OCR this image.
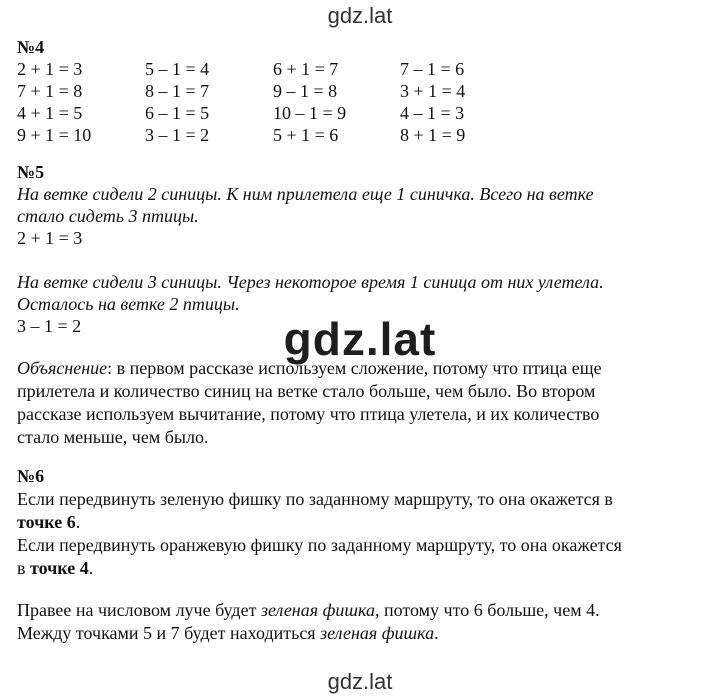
gdz.lat
№4
2 + 1 = 3	5 – 1 = 4	6 + 1 = 7	7 – 1 = 6
7 + 1 = 8	8 – 1 = 7	9 – 1 = 8	3 + 1 = 4
4 + 1 = 5	6 – 1 = 5	10 – 1 = 9	4 – 1 = 3
9 + 1 = 10	3 – 1 = 2	5 + 1 = 6	8 + 1 = 9
№5
На ветке сидели 2 синицы. К ним прилетела еще 1 синичка. Всего на ветке
стало сидеть 3 птицы.
2 + 1 = 3
На ветке сидели 3 синицы. Через некоторое время 1 синица от них улетела.
Осталось на ветке 2 птицы.
3 – 1 = 2
Объяснение: в первом рассказе используем сложение, потому что птица еще
прилетела и количество синиц на ветке стало больше, чем было. Во втором
рассказе используем вычитание, потому что птица улетела, и их количество
стало меньше, чем было.
№6
Если передвинуть зеленую фишку по заданному маршруту, то она окажется в
точке 6.
Если передвинуть оранжевую фишку по заданному маршруту, то она окажется
в точке 4.
Правее на числовом луче будет зеленая фишка, потому что 6 больше, чем 4.
Между точками 5 и 7 будет находиться зеленая фишка.
gdz.lat
gdz.lat
